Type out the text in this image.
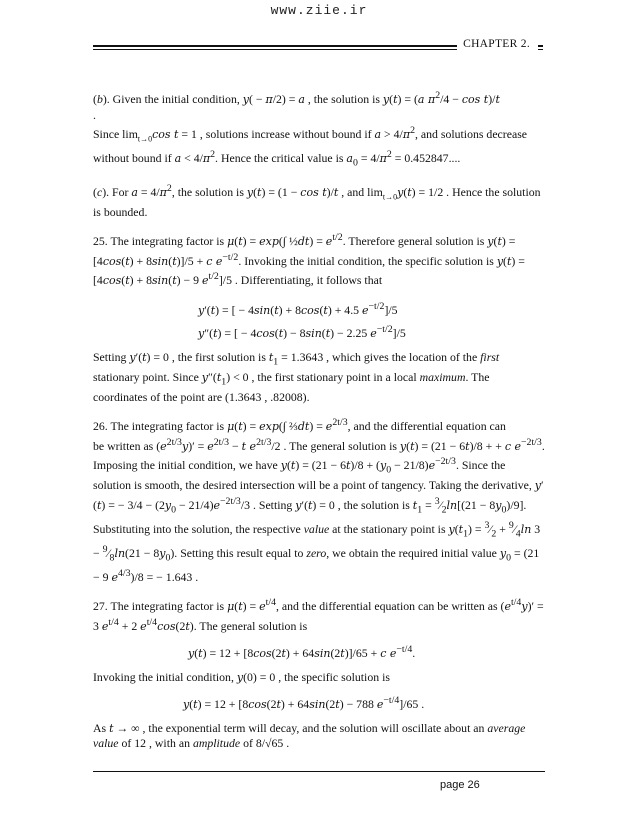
www.ziie.ir
CHAPTER 2.

(b). Given the initial condition, y( − π/2) = a , the solution is y(t) = (a $\pi^2/4 - \cos t)/t$

.

Since $\lim_{t\to 0}\cos$ t = 1 , solutions increase without bound if $a > 4/\pi^2$, and solutions decrease without bound if $a < 4/\pi^2$. Hence the critical value is $a_0 = 4/\pi^2 = 0.452847$....

(c). For $a = 4/\pi^2$, the solution is y(t) = (1 − cos t)/t , and $\lim_{t\to 0}y(t) = 1/2$ . Hence the solution is bounded.

25. The integrating factor is μ(t) = exp(∫ ½dt) = $e^{t/2}$. Therefore general solution is y(t) = [4cos(t) + 8sin(t)]/5 + c $e^{-t/2}$. Invoking the initial condition, the specific solution is y(t) = [4cos(t) + 8sin(t) − 9 $e^{t/2}]/5$ . Differentiating, it follows that

y′(t) = [ − 4sin(t) + 8cos(t) + 4.5 $e^{-t/2}]/5$
y″(t) = [ − 4cos(t) − 8sin(t) − 2.25 $e^{-t/2}]/5$

Setting y′(t) = 0 , the first solution is $t_1 = 1.3643$ , which gives the location of the first stationary point. Since $y''(t_1) < 0$ , the first stationary point in a local maximum. The coordinates of the point are (1.3643 , .82008).

26. The integrating factor is μ(t) = exp(∫ ⅔dt) = $e^{2t/3}$, and the differential equation can

be written as $(e^{2t/3}y)' = e^{2t/3} - t$ $e^{2t/3}/2$ . The general solution is y(t) = (21 − 6t)/8 + + c $e^{-2t/3}$. Imposing the initial condition, we have $y(t) = (21 - 6t)/8 + (y_0 - 21/8)e^{-2t/3}$. Since the solution is smooth, the desired intersection will be a point of tangency. Taking the derivative, y′(t) = − $3/4 - (2y_0 - 21/4)e^{-2t/3}/3$ . Setting y′(t) = 0 , the solution is $t_1$ = $^3⁄_2\ln[(21 - 8y_0)/9]$. Substituting into the solution, the respective value at the stationary point is $y(t_1)$ = $^3⁄_2$ + $^9⁄_4\ln$ $3 - ^9⁄_8\ln(21 - 8y_0)$. Setting this result equal to zero, we obtain the required initial value $y_0 = (21 - 9$ $e^{4/3})/8$ = − 1.643 .

27. The integrating factor is $\mu(t) = e^{t/4}$, and the differential equation can be written as $(e^{t/4}y)' = 3$ $e^{t/4} + 2$ $e^{t/4}\cos(2t)$. The general solution is

y(t) = 12 + [8cos(2t) + 64sin(2t)]/65 + c $e^{-t/4}$.

Invoking the initial condition, y(0) = 0 , the specific solution is

y(t) = 12 + [8cos(2t) + 64sin(2t) − 788 $e^{-t/4}]/65$ .

As t → ∞ , the exponential term will decay, and the solution will oscillate about an average

value of 12 , with an amplitude of 8/√65 .

page 26
